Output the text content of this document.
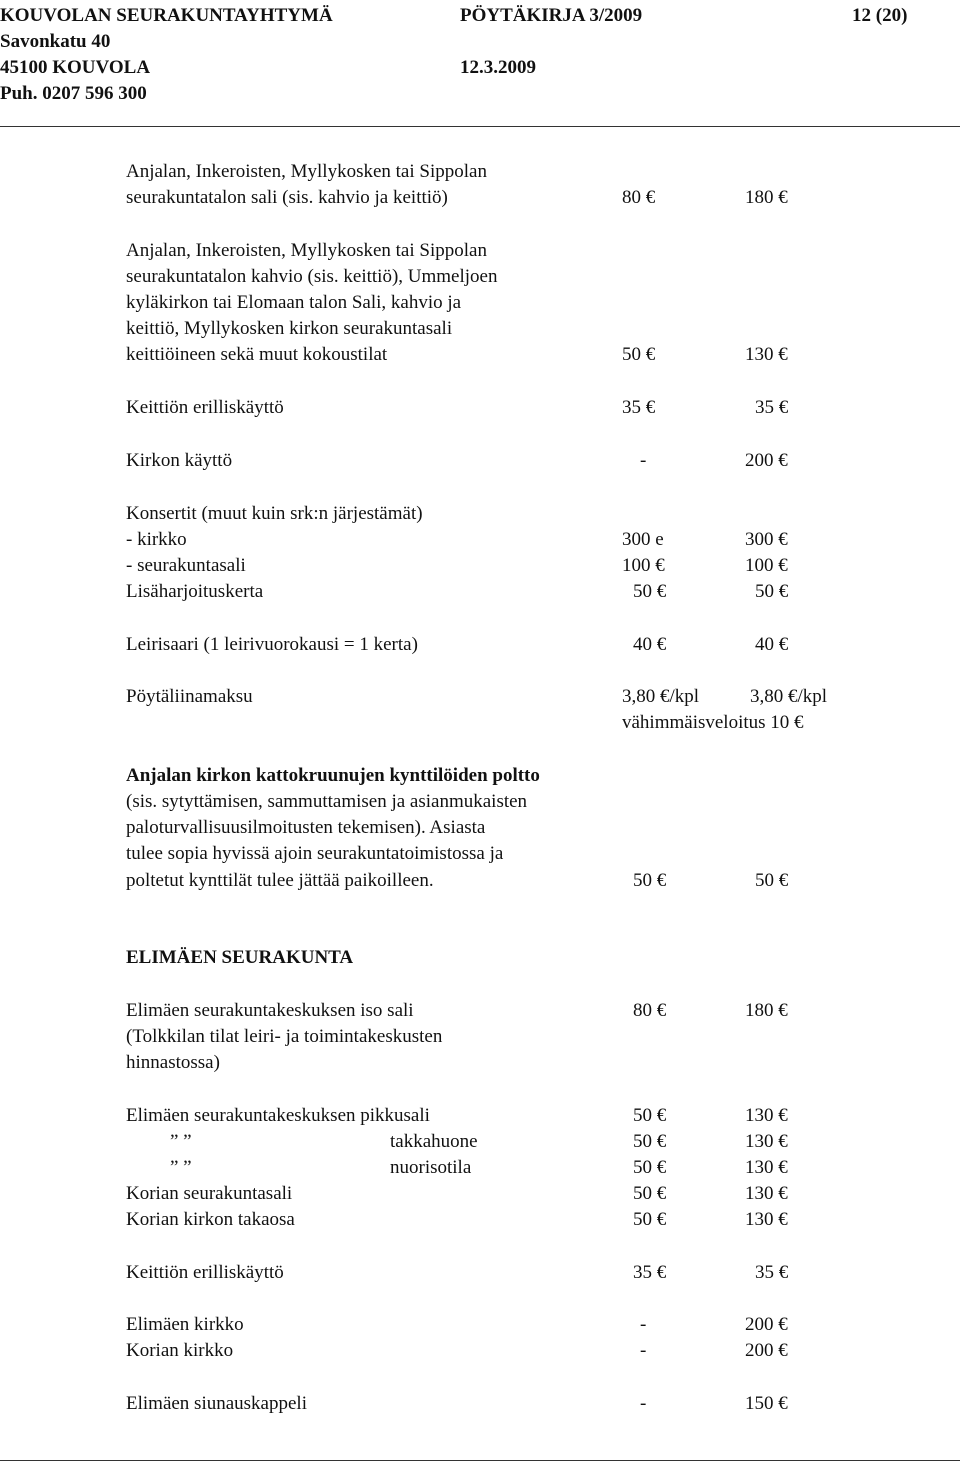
KOUVOLAN SEURAKUNTAYHTYMÄ	PÖYTÄKIRJA 3/2009	12 (20)
Savonkatu 40
45100 KOUVOLA	12.3.2009
Puh. 0207 596 300
Anjalan, Inkeroisten, Myllykosken tai Sippolan
seurakuntatalon sali (sis. kahvio ja keittiö)	80 €	180 €
Anjalan, Inkeroisten, Myllykosken tai Sippolan
seurakuntatalon kahvio (sis. keittiö), Ummeljoen
kyläkirkon tai Elomaan talon Sali, kahvio ja
keittiö, Myllykosken kirkon seurakuntasali
keittiöineen sekä muut kokoustilat	50 €	130 €
Keittiön erilliskäyttö	35 €	35 €
Kirkon käyttö	-	200 €
Konsertit (muut kuin srk:n järjestämät)
- kirkko	300 e	300 €
- seurakuntasali	100 €	100 €
Lisäharjoituskerta	50 €	50 €
Leirisaari (1 leirivuorokausi = 1 kerta)	40 €	40 €
Pöytäliinamaksu	3,80 €/kpl	3,80 €/kpl
vähimmäisveloitus 10 €
Anjalan kirkon kattokruunujen kynttilöiden poltto
(sis. sytyttämisen, sammuttamisen ja asianmukaisten
paloturvallisuusilmoitusten tekemisen). Asiasta
tulee sopia hyvissä ajoin seurakuntatoimistossa ja
poltetut kynttilät tulee jättää paikoilleen.	50 €	50 €
ELIMÄEN SEURAKUNTA
Elimäen seurakuntakeskuksen iso sali	80 €	180 €
(Tolkkilan tilat leiri- ja toimintakeskusten
hinnastossa)
Elimäen seurakuntakeskuksen pikkusali	50 €	130 €
” ”	takkahuone	50 €	130 €
” ”	nuorisotila	50 €	130 €
Korian seurakuntasali	50 €	130 €
Korian kirkon takaosa	50 €	130 €
Keittiön erilliskäyttö	35 €	35 €
Elimäen kirkko	-	200 €
Korian kirkko	-	200 €
Elimäen siunauskappeli	-	150 €
